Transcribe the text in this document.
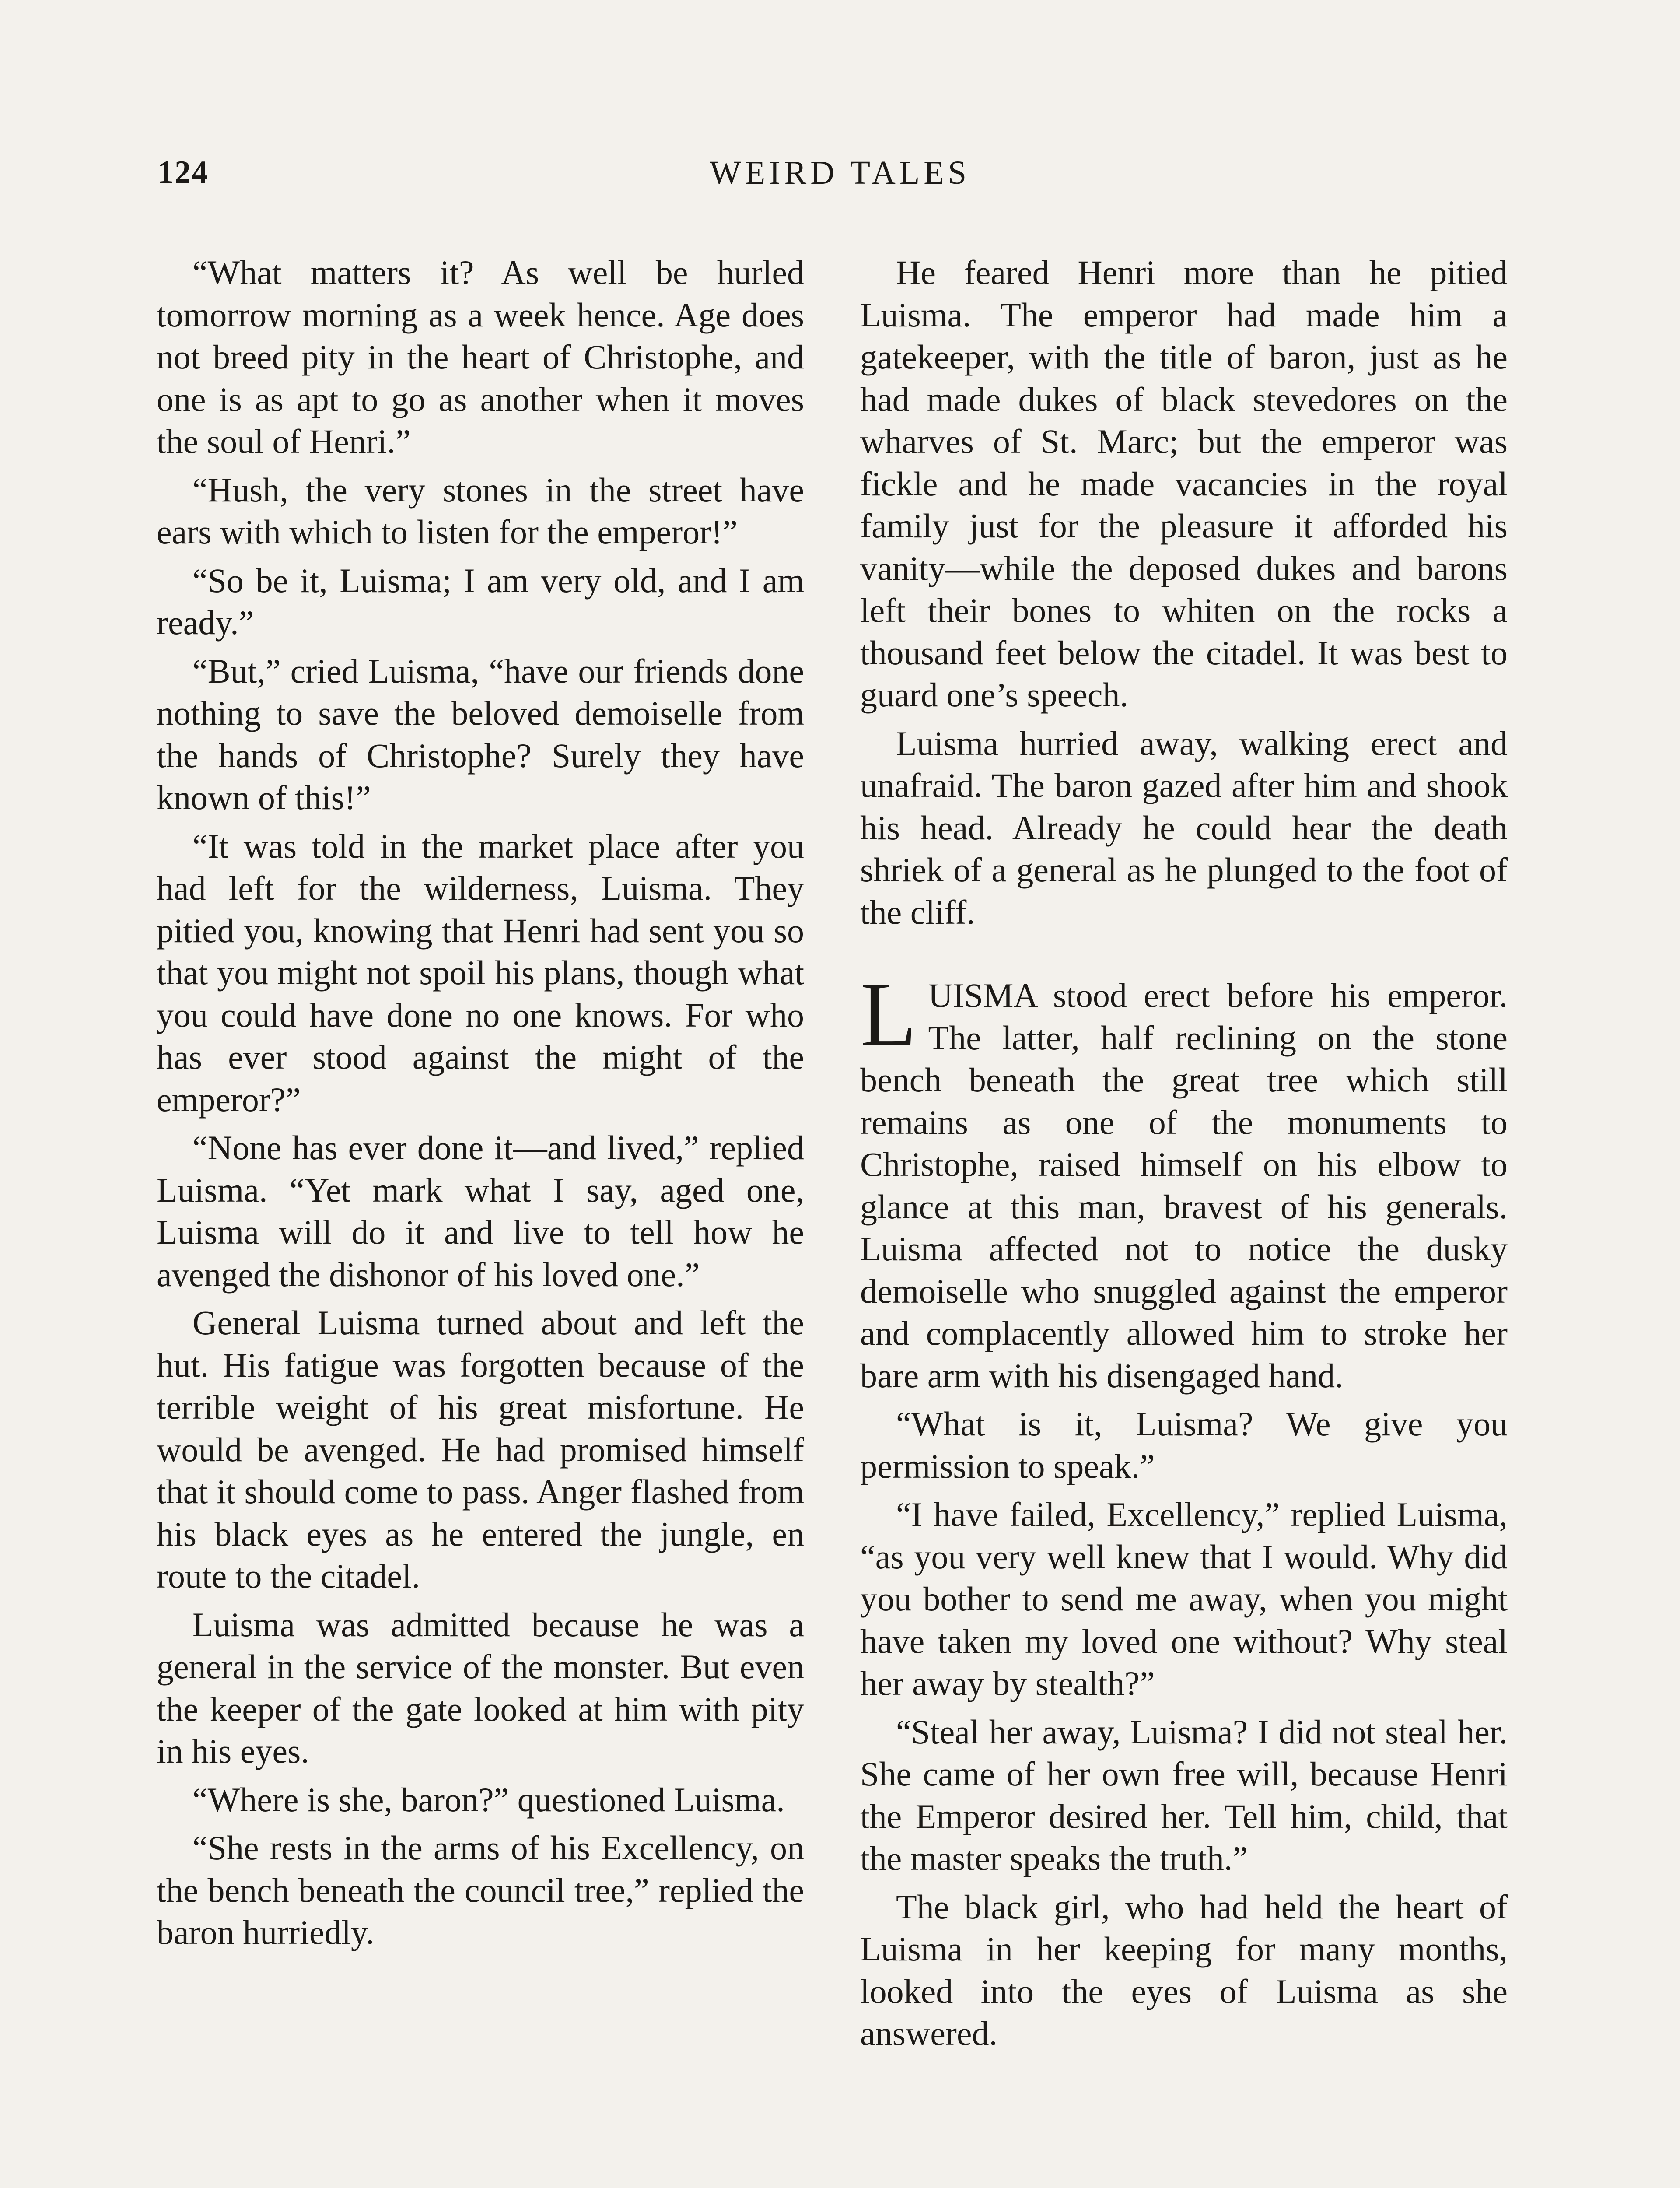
124	WEIRD TALES

“What matters it? As well be hurled tomorrow morning as a week hence. Age does not breed pity in the heart of Christophe, and one is as apt to go as another when it moves the soul of Henri.”

“Hush, the very stones in the street have ears with which to listen for the emperor!”

“So be it, Luisma; I am very old, and I am ready.”

“But,” cried Luisma, “have our friends done nothing to save the beloved demoiselle from the hands of Christophe? Surely they have known of this!”

“It was told in the market place after you had left for the wilderness, Luisma. They pitied you, knowing that Henri had sent you so that you might not spoil his plans, though what you could have done no one knows. For who has ever stood against the might of the emperor?”

“None has ever done it—and lived,” replied Luisma. “Yet mark what I say, aged one, Luisma will do it and live to tell how he avenged the dishonor of his loved one.”

General Luisma turned about and left the hut. His fatigue was forgotten because of the terrible weight of his great misfortune. He would be avenged. He had promised himself that it should come to pass. Anger flashed from his black eyes as he entered the jungle, en route to the citadel.

Luisma was admitted because he was a general in the service of the monster. But even the keeper of the gate looked at him with pity in his eyes.

“Where is she, baron?” questioned Luisma.

“She rests in the arms of his Excellency, on the bench beneath the council tree,” replied the baron hurriedly.

He feared Henri more than he pitied Luisma. The emperor had made him a gatekeeper, with the title of baron, just as he had made dukes of black stevedores on the wharves of St. Marc; but the emperor was fickle and he made vacancies in the royal family just for the pleasure it afforded his vanity—while the deposed dukes and barons left their bones to whiten on the rocks a thousand feet below the citadel. It was best to guard one’s speech.

Luisma hurried away, walking erect and unafraid. The baron gazed after him and shook his head. Already he could hear the death shriek of a general as he plunged to the foot of the cliff.

LUISMA stood erect before his emperor. The latter, half reclining on the stone bench beneath the great tree which still remains as one of the monuments to Christophe, raised himself on his elbow to glance at this man, bravest of his generals. Luisma affected not to notice the dusky demoiselle who snuggled against the emperor and complacently allowed him to stroke her bare arm with his disengaged hand.

“What is it, Luisma? We give you permission to speak.”

“I have failed, Excellency,” replied Luisma, “as you very well knew that I would. Why did you bother to send me away, when you might have taken my loved one without? Why steal her away by stealth?”

“Steal her away, Luisma? I did not steal her. She came of her own free will, because Henri the Emperor desired her. Tell him, child, that the master speaks the truth.”

The black girl, who had held the heart of Luisma in her keeping for many months, looked into the eyes of Luisma as she answered.
